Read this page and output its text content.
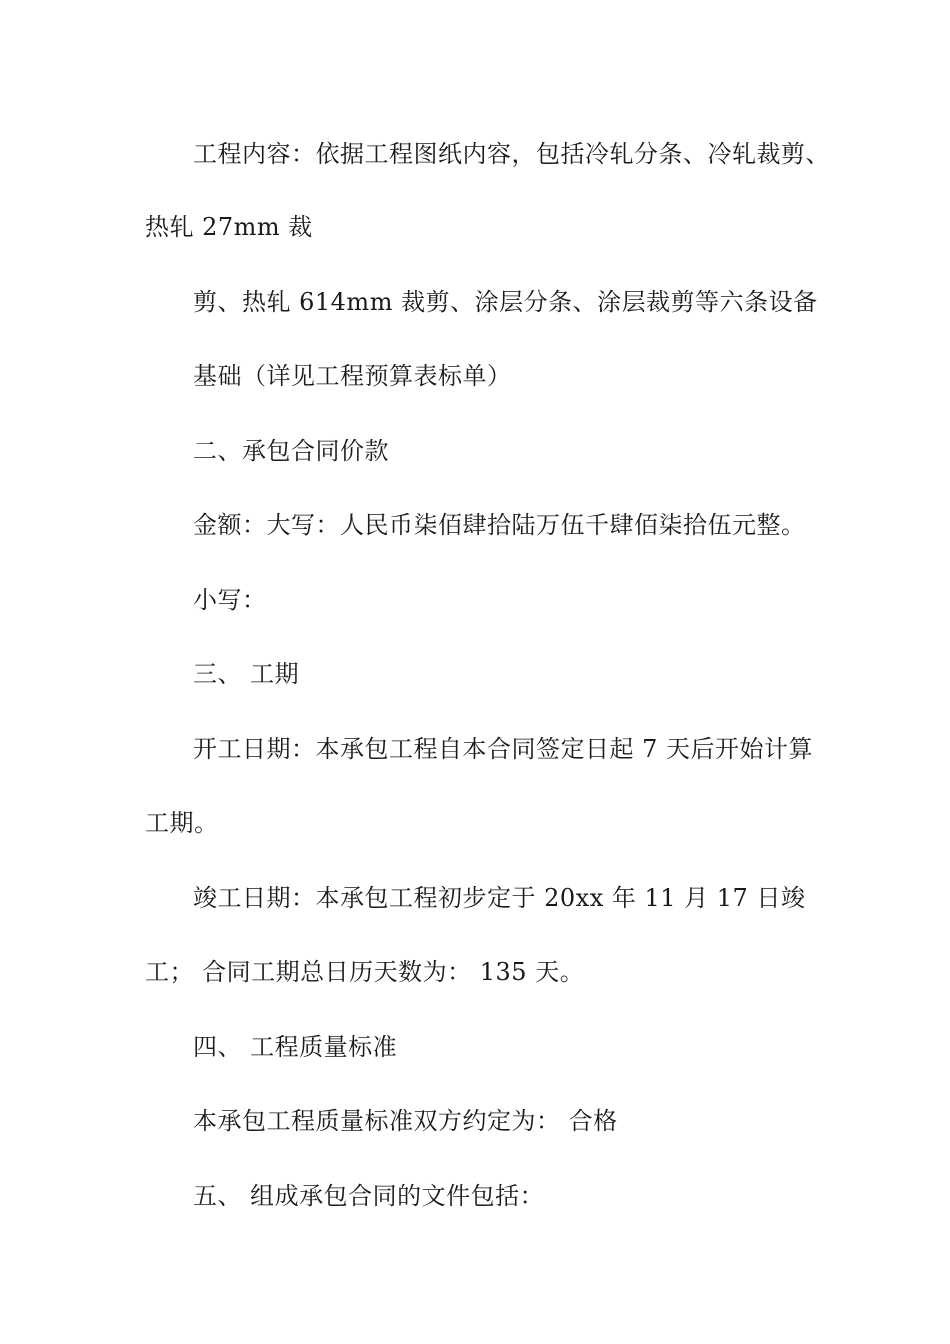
工程内容：依据工程图纸内容，包括冷轧分条、冷轧裁剪、
热轧 27mm 裁
剪、热轧 614mm 裁剪、涂层分条、涂层裁剪等六条设备
基础（详见工程预算表标单）
二、承包合同价款
金额：大写：人民币柒佰肆拾陆万伍千肆佰柒拾伍元整。
小写：
三、 工期
开工日期：本承包工程自本合同签定日起 7 天后开始计算
工期。
竣工日期：本承包工程初步定于 20xx 年 11 月 17 日竣
工； 合同工期总日历天数为： 135 天。
四、 工程质量标准
本承包工程质量标准双方约定为： 合格
五、 组成承包合同的文件包括：
